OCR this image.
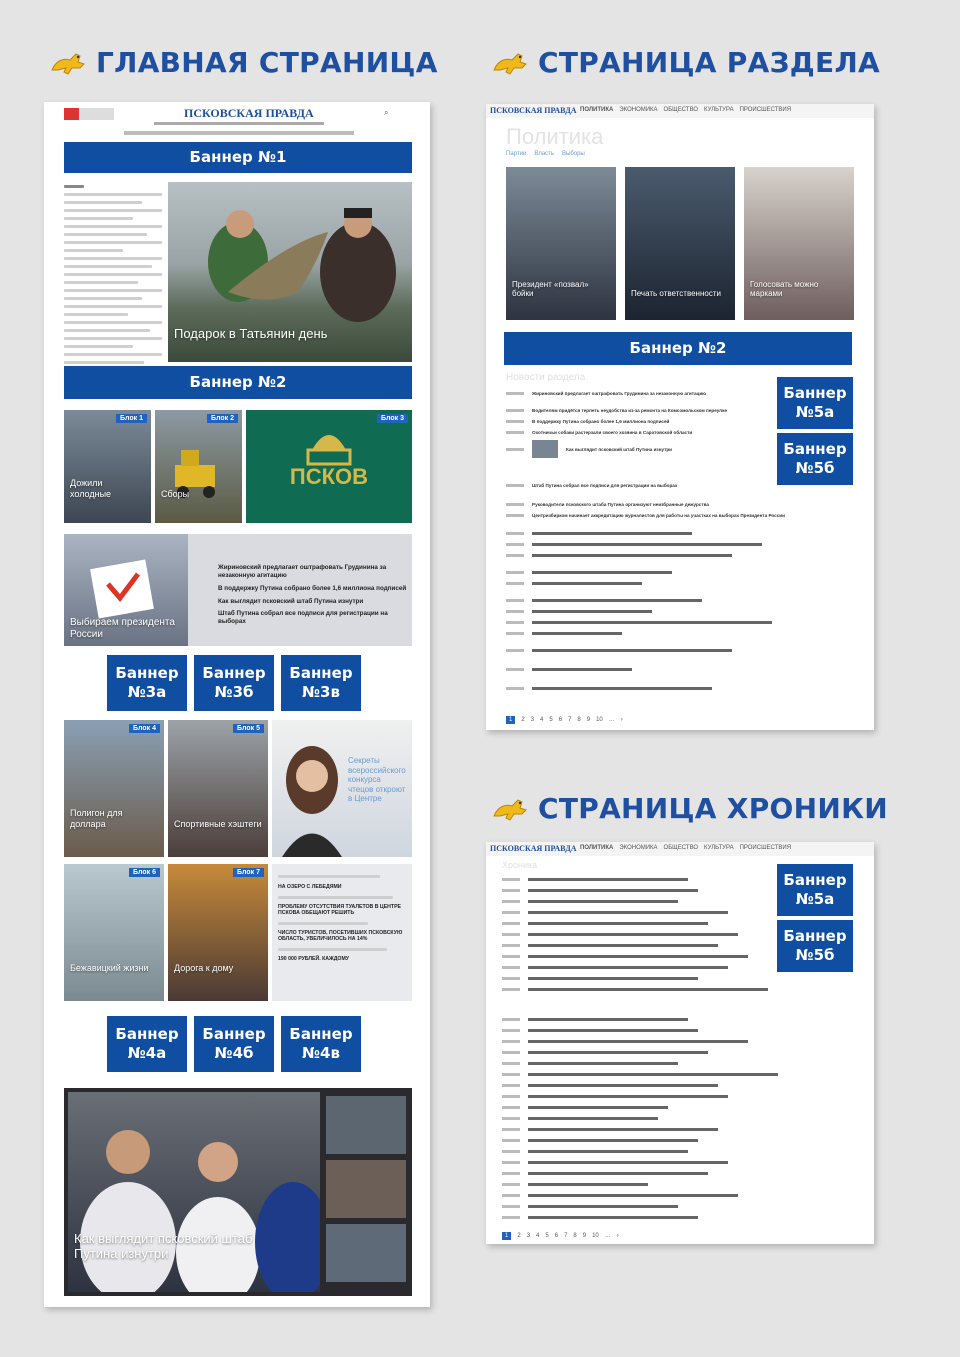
ГЛАВНАЯ СТРАНИЦА	СТРАНИЦА РАЗДЕЛА
СТРАНИЦА ХРОНИКИ
ПСКОВСКАЯ ПРАВДА	⌕
Баннер №1
Подарок в Татьянин день
Баннер №2
Блок 1
Дожили холодные
Блок 2
Сборы
Блок 3
ПСКОВ
Выбираем президента России
Жириновский предлагает оштрафовать Грудинина за незаконную агитацию
В поддержку Путина собрано более 1,6 миллиона подписей
Как выглядит псковский штаб Путина изнутри
Штаб Путина собрал все подписи для регистрации на выборах
Баннер №3а
Баннер №3б
Баннер №3в
Блок 4
Полигон для доллара
Блок 5
Спортивные хэштеги
Секреты всероссийского конкурса чтецов откроют в Центре
Блок 6
Бежавицкий жизни
Блок 7
Дорога к дому
НА ОЗЕРО С ЛЕБЕДЯМИ
ПРОБЛЕМУ ОТСУТСТВИЯ ТУАЛЕТОВ В ЦЕНТРЕ ПСКОВА ОБЕЩАЮТ РЕШИТЬ
ЧИСЛО ТУРИСТОВ, ПОСЕТИВШИХ ПСКОВСКУЮ ОБЛАСТЬ, УВЕЛИЧИЛОСЬ НА 14%
190 000 РУБЛЕЙ. КАЖДОМУ
Баннер №4а
Баннер №4б
Баннер №4в
Как выглядит псковский штаб Путина изнутри
ПСКОВСКАЯ ПРАВДА ПОЛИТИКА ЭКОНОМИКА ОБЩЕСТВО КУЛЬТУРА ПРОИСШЕСТВИЯ
Политика
Партии Власть Выборы
Президент «позвал» бойки	Печать ответственности
Голосовать можно марками
Баннер №2
Новости раздела
Баннер №5а
Баннер №5б
Жириновский предлагает оштрафовать Грудинина за незаконную агитацию
Водителям придётся терпеть неудобства из-за ремонта на Комсомольском переулке
В поддержку Путина собрано более 1,6 миллиона подписей
Охотничьи собаки растерзали своего хозяина в Саратовской области
Как выглядит псковский штаб Путина изнутри
Штаб Путина собрал все подписи для регистрации на выборах
Руководители псковского штаба Путина организуют неизбранные дежурства
Центризбирком начинает аккредитацию журналистов для работы на участках на выборах Президента России
1	2 3 4 5 6 7 8 9 10 … ›
ПСКОВСКАЯ ПРАВДА ПОЛИТИКА ЭКОНОМИКА ОБЩЕСТВО КУЛЬТУРА ПРОИСШЕСТВИЯ
Хроника
Баннер №5а
Баннер №5б
1	2 3 4 5 6 7 8 9 10 … ›
